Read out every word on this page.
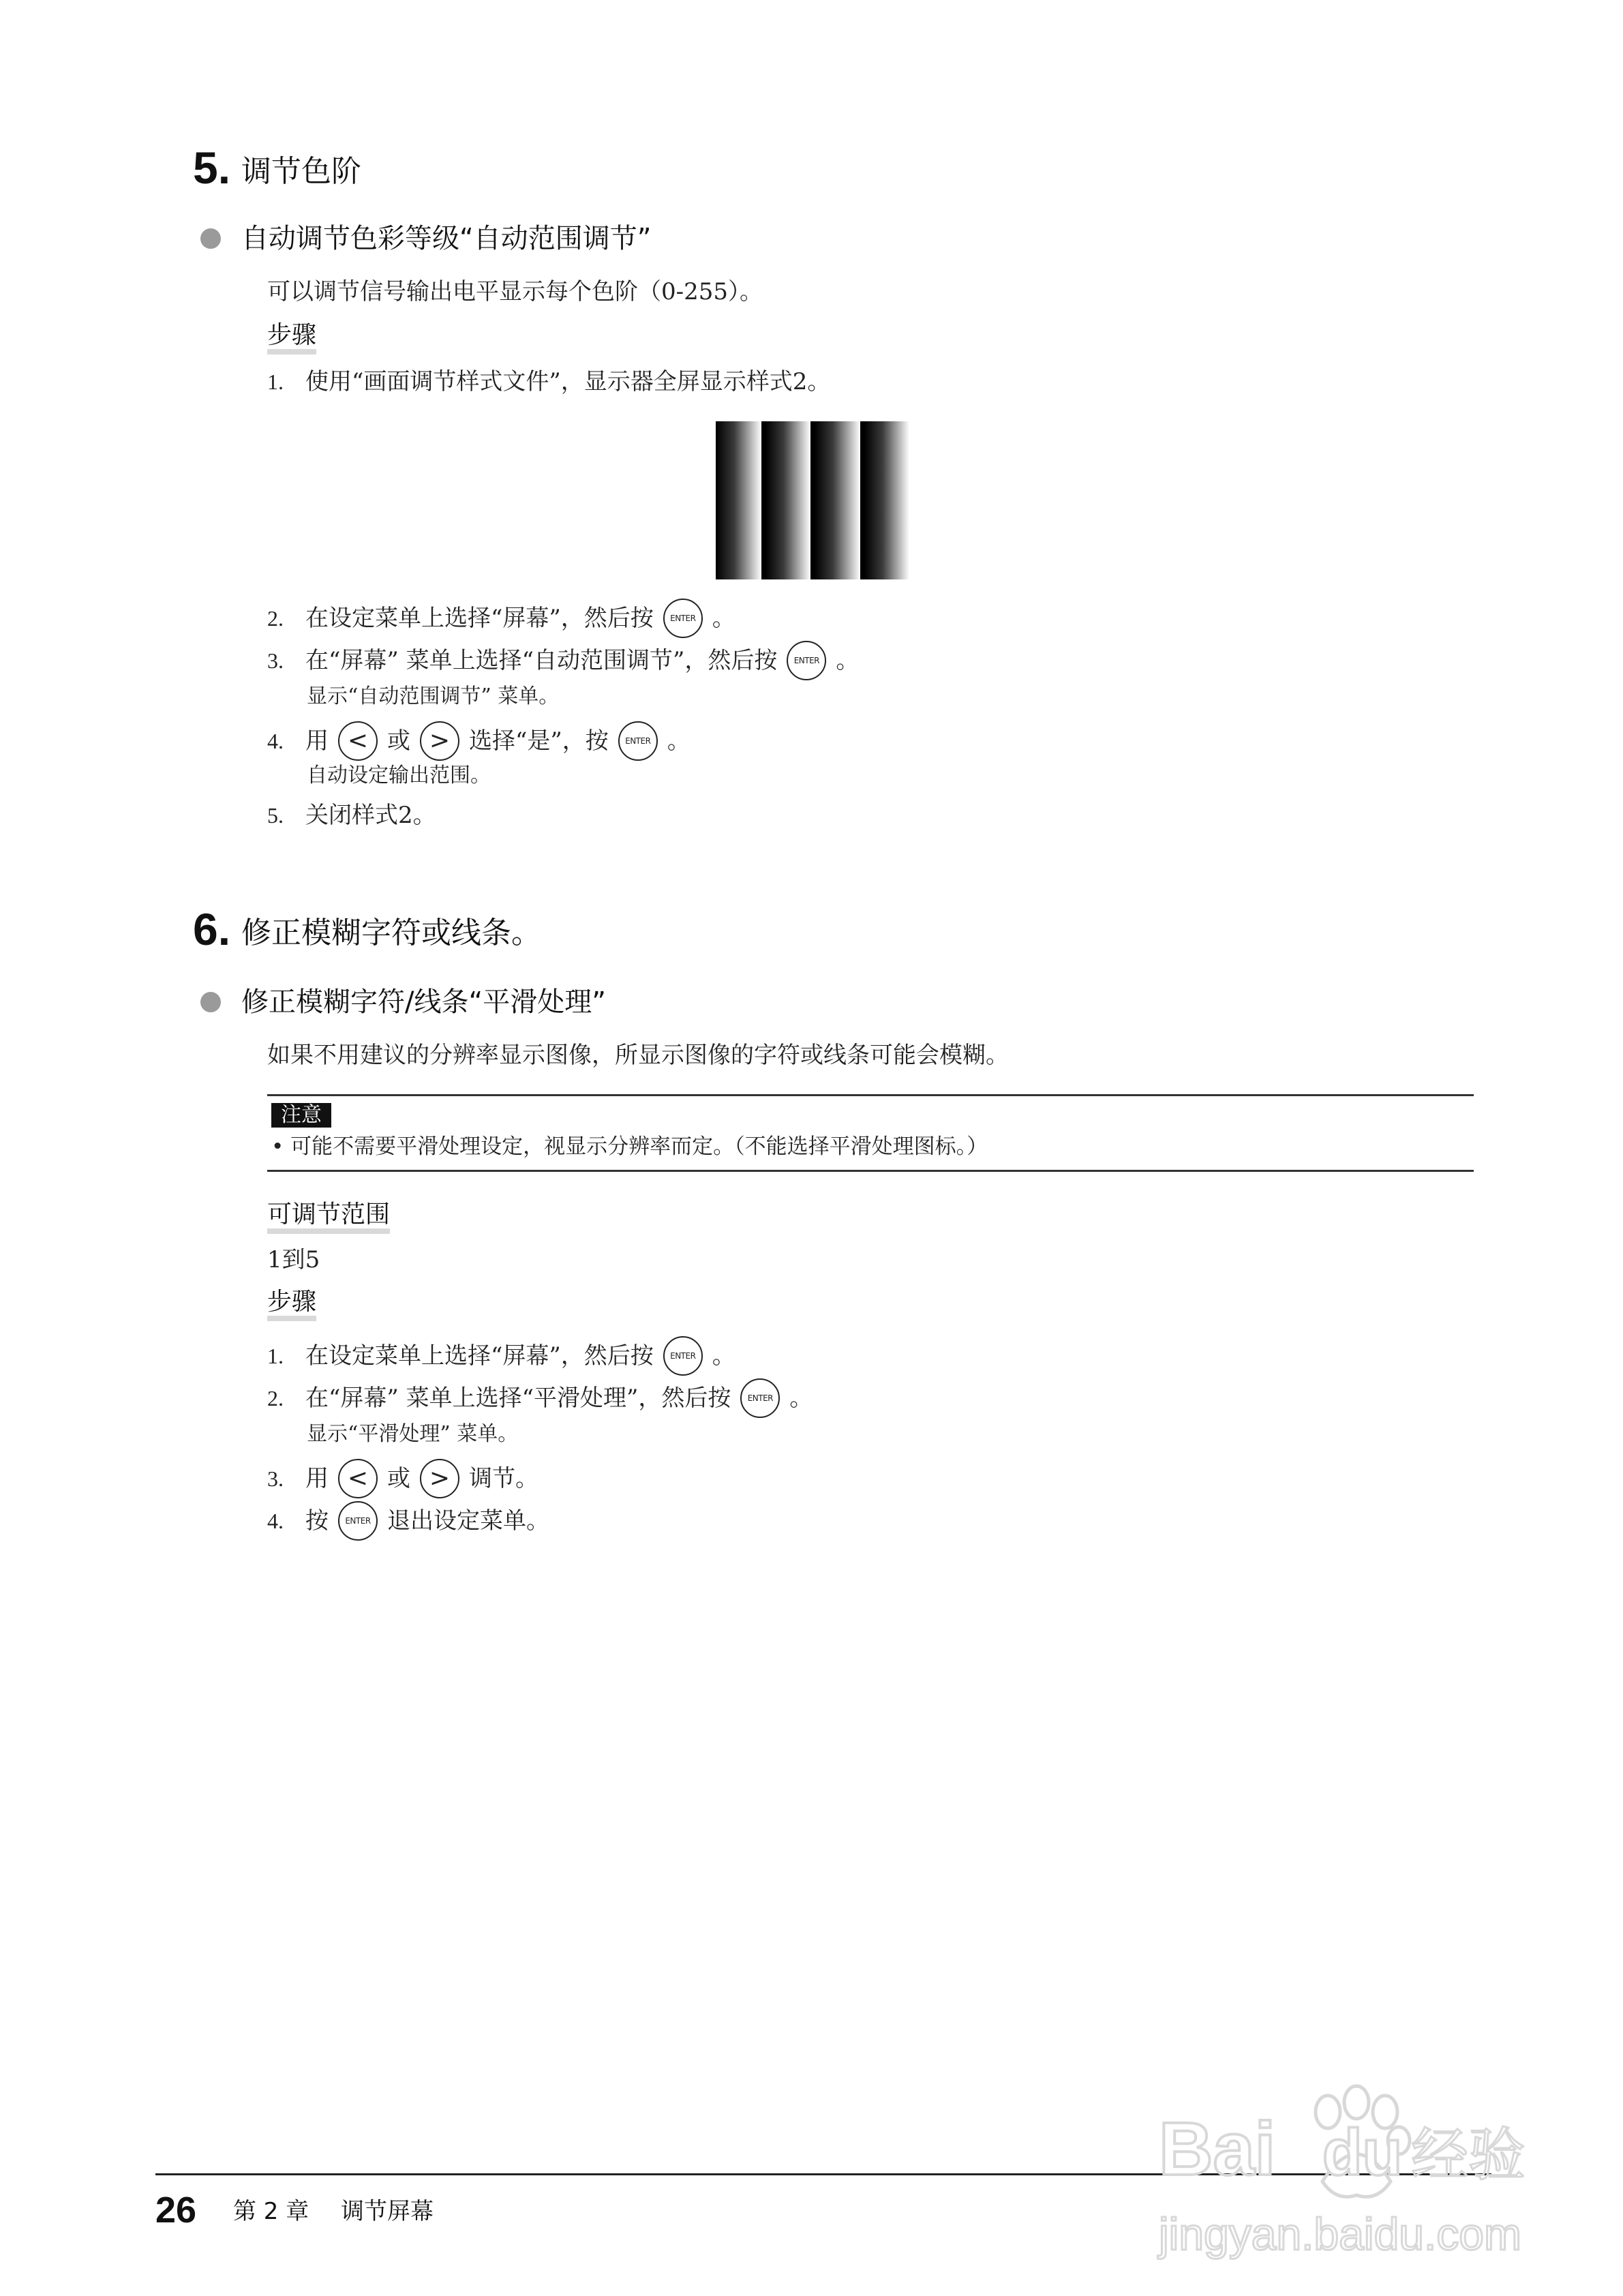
5. 调节色阶
自动调节色彩等级“自动范围调节”
可以调节信号输出电平显示每个色阶（0-255）。
步骤
1. 使用“画面调节样式文件”，显示器全屏显示样式2。
2. 在设定菜单上选择“屏幕”，然后按	ENTER 。
3. 在“屏幕” 菜单上选择“自动范围调节”，然后按	ENTER 。
显示“自动范围调节” 菜单。
4. 用 < 或 > 选择“是”，按	ENTER 。
自动设定输出范围。
5. 关闭样式2。
6. 修正模糊字符或线条。
修正模糊字符/线条“平滑处理”
如果不用建议的分辨率显示图像，所显示图像的字符或线条可能会模糊。
注意
• 可能不需要平滑处理设定，视显示分辨率而定。（不能选择平滑处理图标。）
可调节范围
1到5
步骤
1. 在设定菜单上选择“屏幕”，然后按	ENTER 。
2. 在“屏幕” 菜单上选择“平滑处理”，然后按	ENTER 。
显示“平滑处理” 菜单。
3. 用 < 或 > 调节。
4. 按	ENTER 退出设定菜单。
26 第 2 章 调节屏幕
Bai du 经验
jingyan.baidu.com
